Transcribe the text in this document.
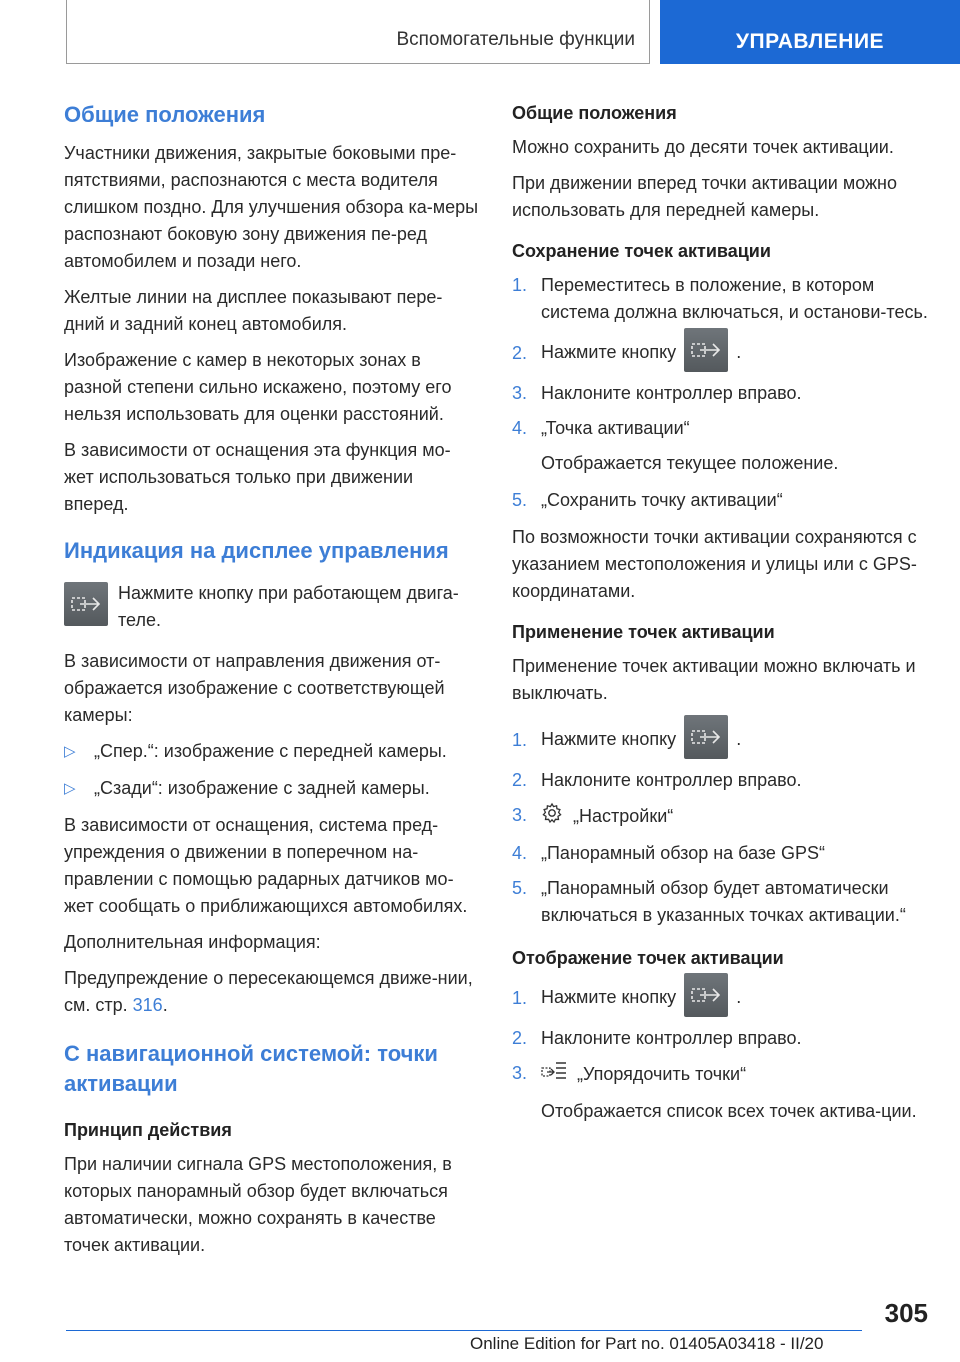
Вспомогательные функции	УПРАВЛЕНИЕ
Общие положения

Участники движения, закрытые боковыми пре-пятствиями, распознаются с места водителя слишком поздно. Для улучшения обзора ка-меры распознают боковую зону движения пе-ред автомобилем и позади него.

Желтые линии на дисплее показывают пере-дний и задний конец автомобиля.

Изображение с камер в некоторых зонах в разной степени сильно искажено, поэтому его нельзя использовать для оценки расстояний.

В зависимости от оснащения эта функция мо-жет использоваться только при движении вперед.

Индикация на дисплее управления

Нажмите кнопку при работающем двига-теле.

В зависимости от направления движения от-ображается изображение с соответствующей камеры:

▷	„Спер.“: изображение с передней камеры.
▷	„Сзади“: изображение с задней камеры.

В зависимости от оснащения, система пред-упреждения о движении в поперечном на-правлении с помощью радарных датчиков мо-жет сообщать о приближающихся автомобилях.

Дополнительная информация:

Предупреждение о пересекающемся движе-нии, см. стр. 316.

С навигационной системой: точки активации
Принцип действия

При наличии сигнала GPS местоположения, в которых панорамный обзор будет включаться автоматически, можно сохранять в качестве точек активации.

Общие положения

Можно сохранить до десяти точек активации.

При движении вперед точки активации можно использовать для передней камеры.

Сохранение точек активации
1. Переместитесь в положение, в котором система должна включаться, и останови-тесь.
2. Нажмите кнопку	.
3. Наклоните контроллер вправо.
4. „Точка активации“
Отображается текущее положение.
5. „Сохранить точку активации“

По возможности точки активации сохраняются с указанием местоположения и улицы или с GPS-координатами.

Применение точек активации

Применение точек активации можно включать и выключать.

1. Нажмите кнопку	.
2. Наклоните контроллер вправо.
3.	„Настройки“
4. „Панорамный обзор на базе GPS“
5. „Панорамный обзор будет автоматически включаться в указанных точках активации.“
Отображение точек активации
1. Нажмите кнопку	.
2. Наклоните контроллер вправо.
3.	„Упорядочить точки“
Отображается список всех точек актива-ции.
305
Online Edition for Part no. 01405A03418 - II/20
